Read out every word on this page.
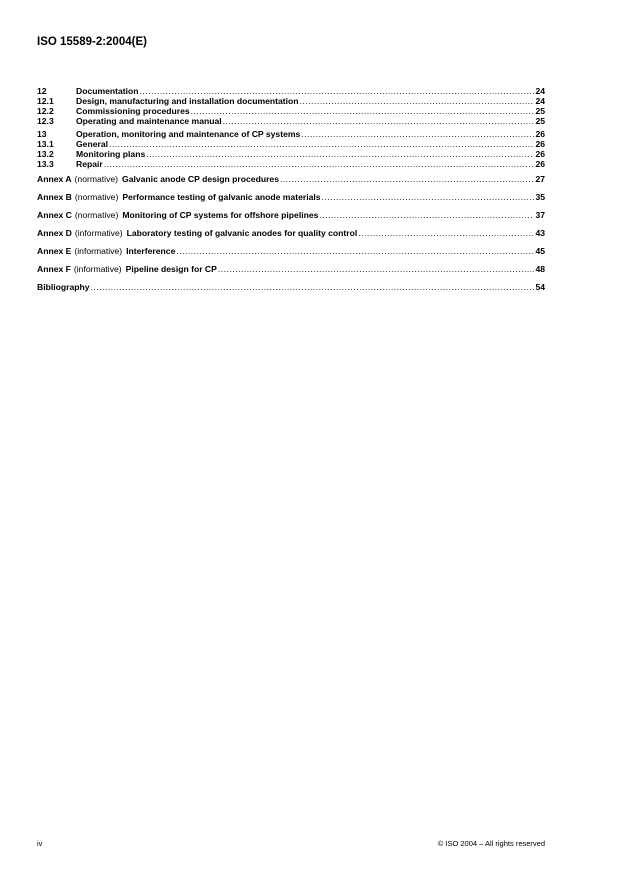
ISO 15589-2:2004(E)
12	Documentation .....	24
12.1	Design, manufacturing and installation documentation .....	24
12.2	Commissioning procedures .....	25
12.3	Operating and maintenance manual .....	25
13	Operation, monitoring and maintenance of CP systems .....	26
13.1	General .....	26
13.2	Monitoring plans .....	26
13.3	Repair .....	26
Annex A (normative) Galvanic anode CP design procedures .....	27
Annex B (normative) Performance testing of galvanic anode materials .....	35
Annex C (normative) Monitoring of CP systems for offshore pipelines .....	37
Annex D (informative) Laboratory testing of galvanic anodes for quality control .....	43
Annex E (informative) Interference .....	45
Annex F (informative) Pipeline design for CP .....	48
Bibliography .....	54
iv	© ISO 2004 – All rights reserved
